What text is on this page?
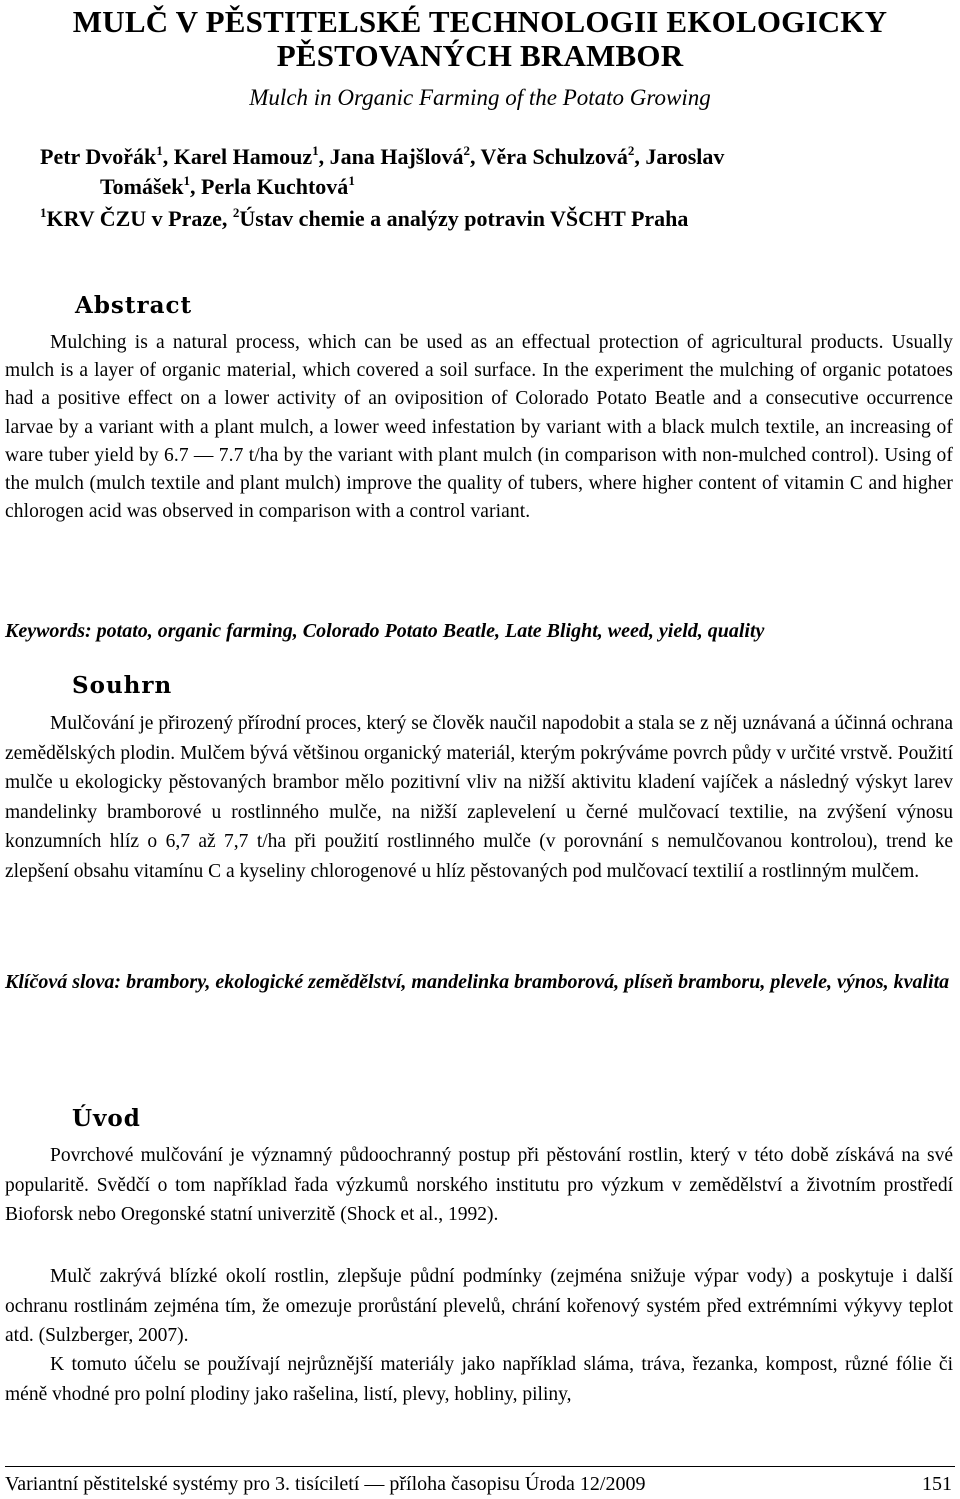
MULČ V PĚSTITELSKÉ TECHNOLOGII EKOLOGICKY
PĚSTOVANÝCH BRAMBOR
Mulch in Organic Farming of the Potato Growing
Petr Dvořák$^1$, Karel Hamouz$^1$, Jana Hajšlová$^2$, Věra Schulzová$^2$, Jaroslav
Tomášek$^1$, Perla Kuchtová$^1$
$^1$KRV ČZU v Praze, $^2$Ústav chemie a analýzy potravin VŠCHT Praha
Abstract
Mulching is a natural process, which can be used as an effectual protection of agricultural products. Usually mulch is a layer of organic material, which covered a soil surface. In the experiment the mulching of organic potatoes had a positive effect on a lower activity of an oviposition of Colorado Potato Beatle and a consecutive occurrence larvae by a variant with a plant mulch, a lower weed infestation by variant with a black mulch textile, an increasing of ware tuber yield by 6.7 — 7.7 t/ha by the variant with plant mulch (in comparison with non-mulched control). Using of the mulch (mulch textile and plant mulch) improve the quality of tubers, where higher content of vitamin C and higher chlorogen acid was observed in comparison with a control variant.
Keywords: potato, organic farming, Colorado Potato Beatle, Late Blight, weed, yield, quality
Souhrn
Mulčování je přirozený přírodní proces, který se člověk naučil napodobit a stala se z něj uznávaná a účinná ochrana zemědělských plodin. Mulčem bývá většinou organický materiál, kterým pokrýváme povrch půdy v určité vrstvě. Použití mulče u ekologicky pěstovaných brambor mělo pozitivní vliv na nižší aktivitu kladení vajíček a následný výskyt larev mandelinky bramborové u rostlinného mulče, na nižší zaplevelení u černé mulčovací textilie, na zvýšení výnosu konzumních hlíz o 6,7 až 7,7 t/ha při použití rostlinného mulče (v porovnání s nemulčovanou kontrolou), trend ke zlepšení obsahu vitamínu C a kyseliny chlorogenové u hlíz pěstovaných pod mulčovací textilií a rostlinným mulčem.
Klíčová slova: brambory, ekologické zemědělství, mandelinka bramborová, plíseň bramboru, plevele, výnos, kvalita
Úvod
Povrchové mulčování je významný půdoochranný postup při pěstování rostlin, který v této době získává na své popularitě. Svědčí o tom například řada výzkumů norského institutu pro výzkum v zemědělství a životním prostředí Bioforsk nebo Oregonské statní univerzitě (Shock et al., 1992).
Mulč zakrývá blízké okolí rostlin, zlepšuje půdní podmínky (zejména snižuje výpar vody) a poskytuje i další ochranu rostlinám zejména tím, že omezuje prorůstání plevelů, chrání kořenový systém před extrémními výkyvy teplot atd. (Sulzberger, 2007).
K tomuto účelu se používají nejrůznější materiály jako například sláma, tráva, řezanka, kompost, různé fólie či méně vhodné pro polní plodiny jako rašelina, listí, plevy, hobliny, piliny,
Variantní pěstitelské systémy pro 3. tisíciletí — příloha časopisu Úroda 12/2009	151
